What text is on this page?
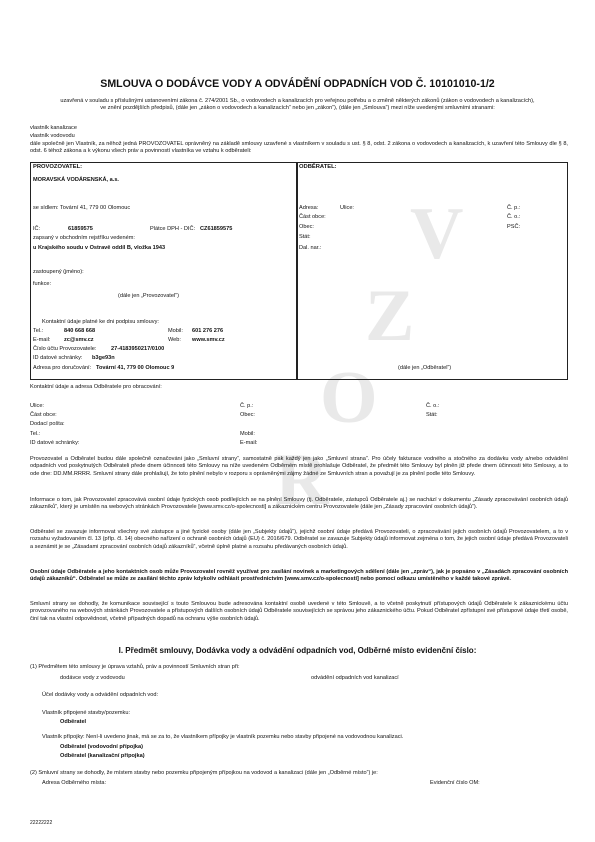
V
Z
O
R
SMLOUVA O DODÁVCE VODY A ODVÁDĚNÍ ODPADNÍCH VOD Č. 10101010-1/2
uzavřená v souladu s příslušnými ustanoveními zákona č. 274/2001 Sb., o vodovodech a kanalizacích pro veřejnou potřebu a o změně některých zákonů (zákon o vodovodech a kanalizacích), ve znění pozdějších předpisů, (dále jen „zákon o vodovodech a kanalizacích“ nebo jen „zákon“), (dále jen „Smlouva“) mezi níže uvedenými smluvními stranami:
vlastník kanalizace
vlastník vodovodu
dále společně jen Vlastník, za něhož jedná PROVOZOVATEL oprávněný na základě smlouvy uzavřené s vlastníkem v souladu s ust. § 8, odst. 2 zákona o vodovodech a kanalizacích, k uzavření této Smlouvy dle § 8, odst. 6 téhož zákona a k výkonu všech práv a povinností vlastníka ve vztahu k odběrateli:
PROVOZOVATEL:
MORAVSKÁ VODÁRENSKÁ, a.s.
se sídlem: Tovární 41, 779 00 Olomouc
IČ:	61859575	Plátce DPH - DIČ: CZ61859575
zapsaný v obchodním rejstříku vedeném:
u Krajského soudu v Ostravě oddíl B, vložka 1943
zastoupený (jméno):
funkce:
(dále jen „Provozovatel“)
Kontaktní údaje platné ke dni podpisu smlouvy:
Tel.:	840 668 668	Mobil: 601 276 276
E-mail: zc@smv.cz	Web: www.smv.cz
Číslo účtu Provozovatele:	27-4183950217/0100
ID datové schránky: b3ge93n
Adresa pro doručování: Tovární 41, 779 00 Olomouc 9
ODBĚRATEL:
Adresa:	Ulice:	Č. p.:
Část obce:	Č. o.:
Obec:	PSČ:
Stát:
Dal. nar.:
(dále jen „Odběratel“)
Kontaktní údaje a adresa Odběratele pro obracování:
Ulice:	Č. p.:	Č. o.:
Část obce:	Obec:	Stát:
Dodací pošta:
Tel.:	Mobil:
ID datové schránky:	E-mail:
Provozovatel a Odběratel budou dále společně označováni jako „Smluvní strany“, samostatně pak každý jen jako „Smluvní strana“. Pro účely fakturace vodného a stočného za dodávku vody a/nebo odvádění odpadních vod poskytnutých Odběrateli přede dnem účinnosti této Smlouvy na níže uvedeném Odběrném místě prohlašuje Odběratel, že předmět této Smlouvy byl plněn již přede dnem účinnosti této Smlouvy, a to ode dne: DD.MM.RRRR. Smluvní strany dále prohlašují, že toto plnění nebylo v rozporu s oprávněnými zájmy žádné ze Smluvních stran a považují je za plnění podle této Smlouvy.
Informace o tom, jak Provozovatel zpracovává osobní údaje fyzických osob podílejících se na plnění Smlouvy (tj. Odběratele, zástupců Odběratele aj.) se nachází v dokumentu „Zásady zpracovávání osobních údajů zákazníků“, který je umístěn na webových stránkách Provozovatele [www.smv.cz/o-spolecnosti] a zákaznickém centru Provozovatele (dále jen „Zásady zpracování osobních údajů“).
Odběratel se zavazuje informovat všechny své zástupce a jiné fyzické osoby (dále jen „Subjekty údajů“), jejichž osobní údaje předává Provozovateli, o zpracovávání jejich osobních údajů Provozovatelem, a to v rozsahu vyžadovaném čl. 13 (příp. čl. 14) obecného nařízení o ochraně osobních údajů (EU) č. 2016/679. Odběratel se zavazuje Subjekty údajů informovat zejména o tom, že jejich osobní údaje předává Provozovateli a seznámit je se „Zásadami zpracování osobních údajů zákazníků“, včetně úplně platné a rozsahu předávaných osobních údajů.
Osobní údaje Odběratele a jeho kontaktních osob může Provozovatel rovněž využívat pro zasílání novinek a marketingových sdělení (dále jen „zpráv“), jak je popsáno v „Zásadách zpracování osobních údajů zákazníků“. Odběratel se může ze zasílání těchto zpráv kdykoliv odhlásit prostřednictvím [www.smv.cz/o-spolecnosti] nebo pomocí odkazu umístěného v každé takové zprávě.
Smluvní strany se dohodly, že komunikace související s touto Smlouvou bude adresována kontaktní osobě uvedené v této Smlouvě, a to včetně poskytnutí přístupových údajů Odběratele k zákaznickému účtu provozovaného na webových stránkách Provozovatele a přístupových dalších osobních údajů Odběratele souvisejících se správou jeho zákaznického účtu. Pokud Odběratel zpřístupní své přístupové údaje třetí osobě, činí tak na vlastní odpovědnost, včetně případných dopadů na ochranu výše osobních údajů.
I. Předmět smlouvy, Dodávka vody a odvádění odpadních vod, Odběrné místo evidenční číslo:
(1) Předmětem této smlouvy je úprava vztahů, práv a povinností Smluvních stran při:
dodávce vody z vodovodu	odvádění odpadních vod kanalizací
Účel dodávky vody a odvádění odpadních vod:
Vlastník připojené stavby/pozemku:
Odběratel
Vlastník přípojky: Není-li uvedeno jinak, má se za to, že vlastníkem přípojky je vlastník pozemku nebo stavby připojené na vodovodnou kanalizaci.
Odběratel (vodovodní přípojka)
Odběratel (kanalizační přípojka)
(2) Smluvní strany se dohodly, že místem stavby nebo pozemku připojeným přípojkou na vodovod a kanalizaci (dále jen „Odběrné místo“) je:
Adresa Odběrného místa:	Evidenční číslo OM:
22222222
